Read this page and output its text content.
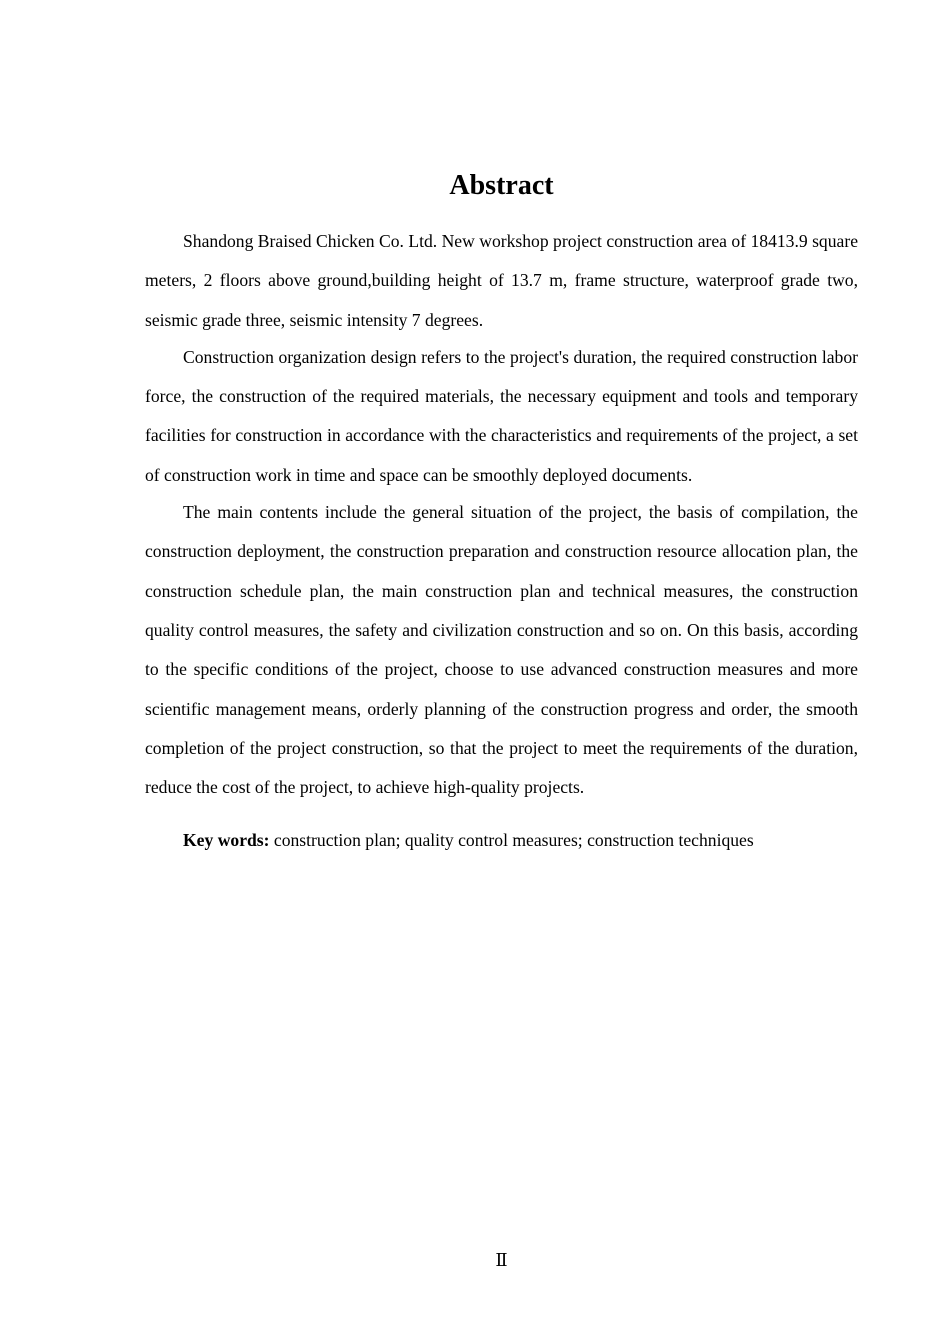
Abstract

Shandong Braised Chicken Co. Ltd. New workshop project construction area of 18413.9 square meters, 2 floors above ground,building height of 13.7 m, frame structure, waterproof grade two, seismic grade three, seismic intensity 7 degrees.

Construction organization design refers to the project's duration, the required construction labor force, the construction of the required materials, the necessary equipment and tools and temporary facilities for construction in accordance with the characteristics and requirements of the project, a set of construction work in time and space can be smoothly deployed documents.

The main contents include the general situation of the project, the basis of compilation, the construction deployment, the construction preparation and construction resource allocation plan, the construction schedule plan, the main construction plan and technical measures, the construction quality control measures, the safety and civilization construction and so on. On this basis, according to the specific conditions of the project, choose to use advanced construction measures and more scientific management means, orderly planning of the construction progress and order, the smooth completion of the project construction, so that the project to meet the requirements of the duration, reduce the cost of the project, to achieve high-quality projects.

Key words: construction plan; quality control measures; construction techniques

Ⅱ
